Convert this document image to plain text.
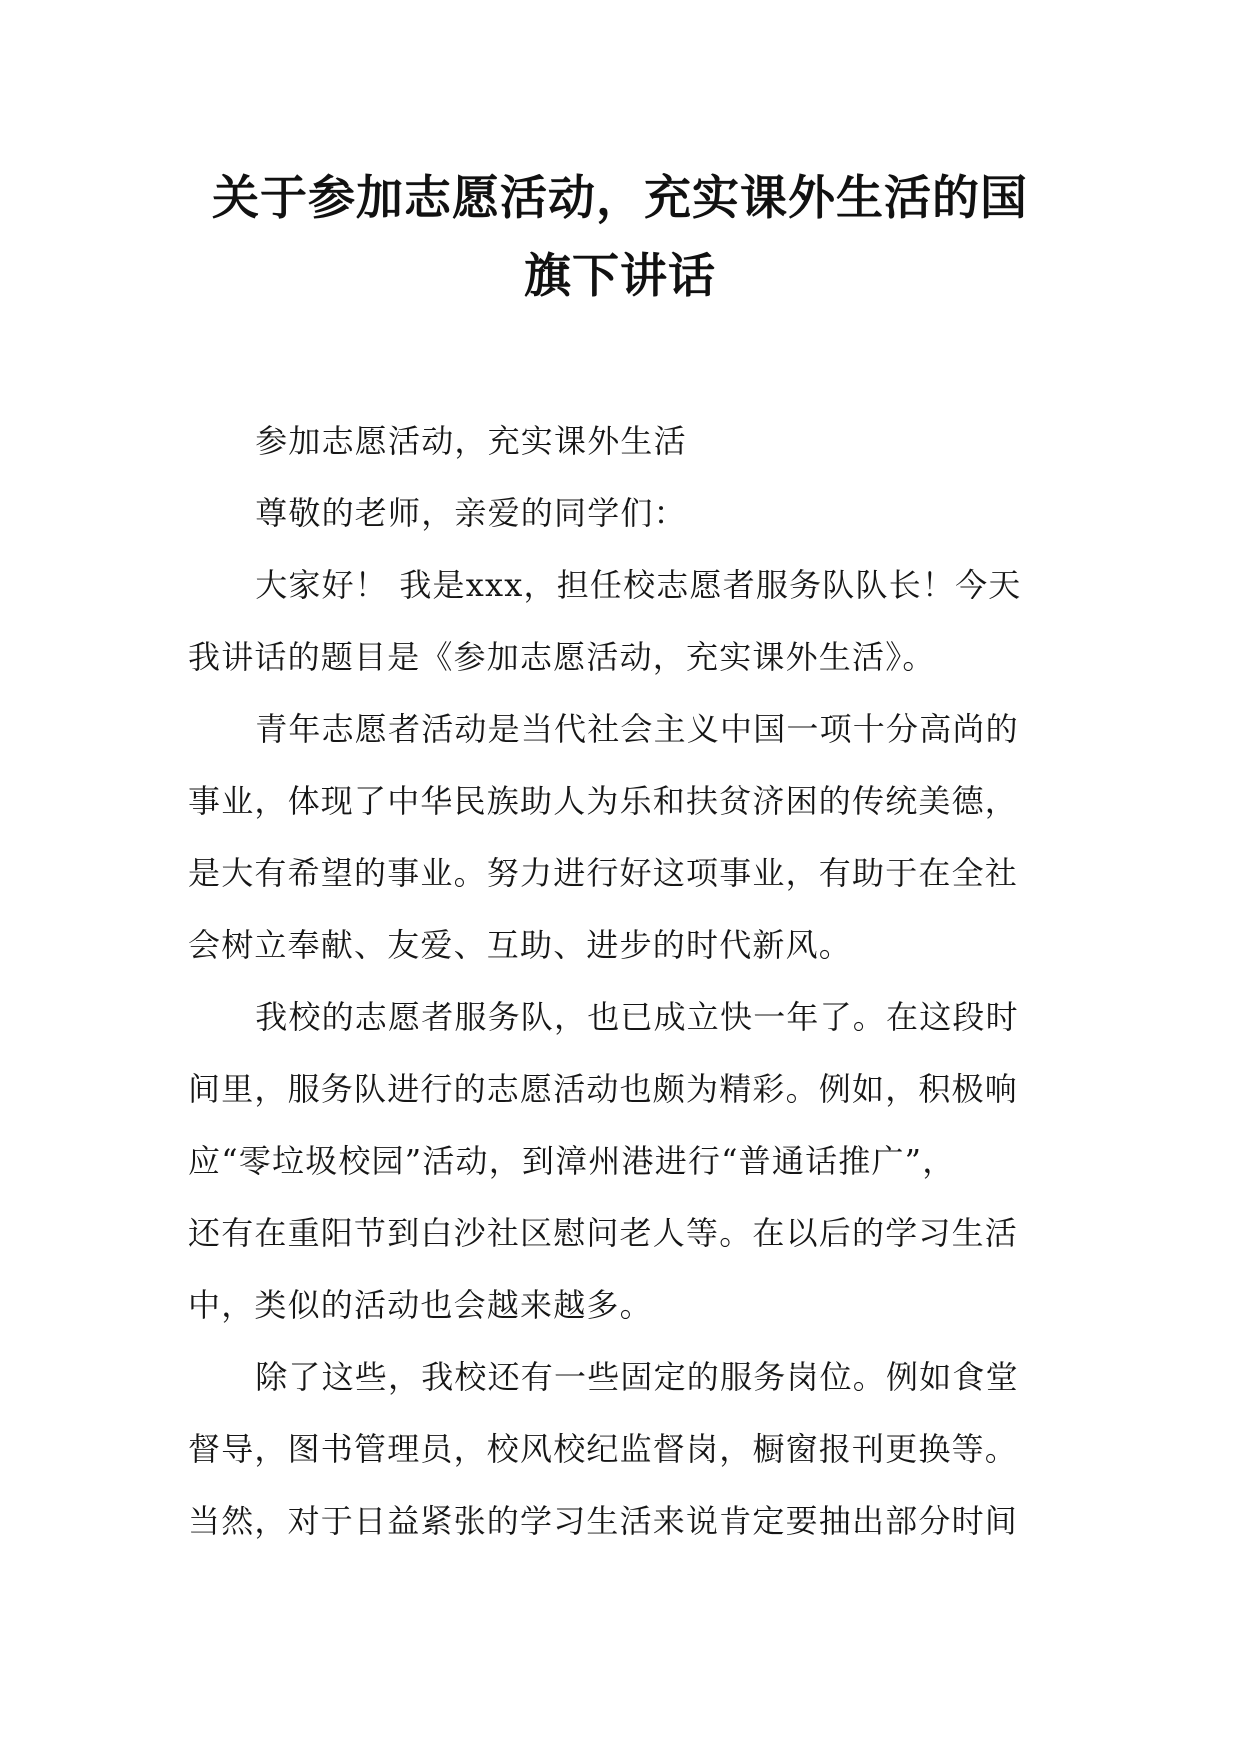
关于参加志愿活动，充实课外生活的国
旗下讲话

参加志愿活动，充实课外生活

尊敬的老师，亲爱的同学们：

大家好！ 我是xxx，担任校志愿者服务队队长！今天
我讲话的题目是《参加志愿活动，充实课外生活》。

青年志愿者活动是当代社会主义中国一项十分高尚的
事业，体现了中华民族助人为乐和扶贫济困的传统美德，
是大有希望的事业。努力进行好这项事业，有助于在全社
会树立奉献、友爱、互助、进步的时代新风。

我校的志愿者服务队，也已成立快一年了。在这段时
间里，服务队进行的志愿活动也颇为精彩。例如，积极响
应“零垃圾校园”活动，到漳州港进行“普通话推广”，
还有在重阳节到白沙社区慰问老人等。在以后的学习生活
中，类似的活动也会越来越多。

除了这些，我校还有一些固定的服务岗位。例如食堂
督导，图书管理员，校风校纪监督岗，橱窗报刊更换等。
当然，对于日益紧张的学习生活来说肯定要抽出部分时间
